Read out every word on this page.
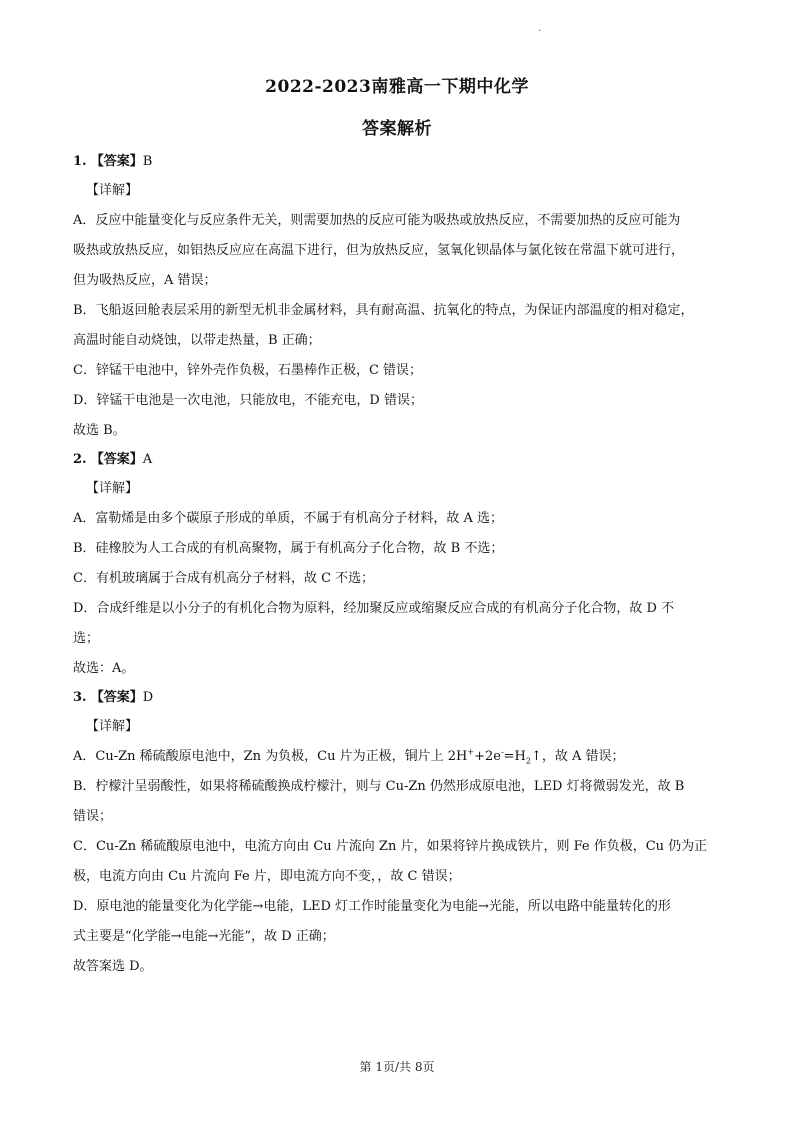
·
2022-2023南雅高一下期中化学
答案解析
1. 【答案】B
【详解】
A．反应中能量变化与反应条件无关，则需要加热的反应可能为吸热或放热反应，不需要加热的反应可能为
吸热或放热反应，如铝热反应应在高温下进行，但为放热反应，氢氧化钡晶体与氯化铵在常温下就可进行，
但为吸热反应，A 错误；
B．飞船返回舱表层采用的新型无机非金属材料，具有耐高温、抗氧化的特点，为保证内部温度的相对稳定，
高温时能自动烧蚀，以带走热量，B 正确；
C．锌锰干电池中，锌外壳作负极，石墨棒作正极，C 错误；
D．锌锰干电池是一次电池，只能放电，不能充电，D 错误；
故选 B。
2. 【答案】A
【详解】
A．富勒烯是由多个碳原子形成的单质，不属于有机高分子材料，故 A 选；
B．硅橡胶为人工合成的有机高聚物，属于有机高分子化合物，故 B 不选；
C．有机玻璃属于合成有机高分子材料，故 C 不选；
D．合成纤维是以小分子的有机化合物为原料，经加聚反应或缩聚反应合成的有机高分子化合物，故 D 不
选；
故选：A。
3. 【答案】D
【详解】
A．Cu-Zn 稀硫酸原电池中，Zn 为负极，Cu 片为正极，铜片上 $2H^++2e^-=H_2↑$，故 A 错误；
B．柠檬汁呈弱酸性，如果将稀硫酸换成柠檬汁，则与 Cu-Zn 仍然形成原电池，LED 灯将微弱发光，故 B
错误；
C．Cu-Zn 稀硫酸原电池中，电流方向由 Cu 片流向 Zn 片，如果将锌片换成铁片，则 Fe 作负极，Cu 仍为正
极，电流方向由 Cu 片流向 Fe 片，即电流方向不变，，故 C 错误；
D．原电池的能量变化为化学能→电能，LED 灯工作时能量变化为电能→光能，所以电路中能量转化的形
式主要是“化学能→电能→光能”，故 D 正确；
故答案选 D。
第 1页/共 8页
